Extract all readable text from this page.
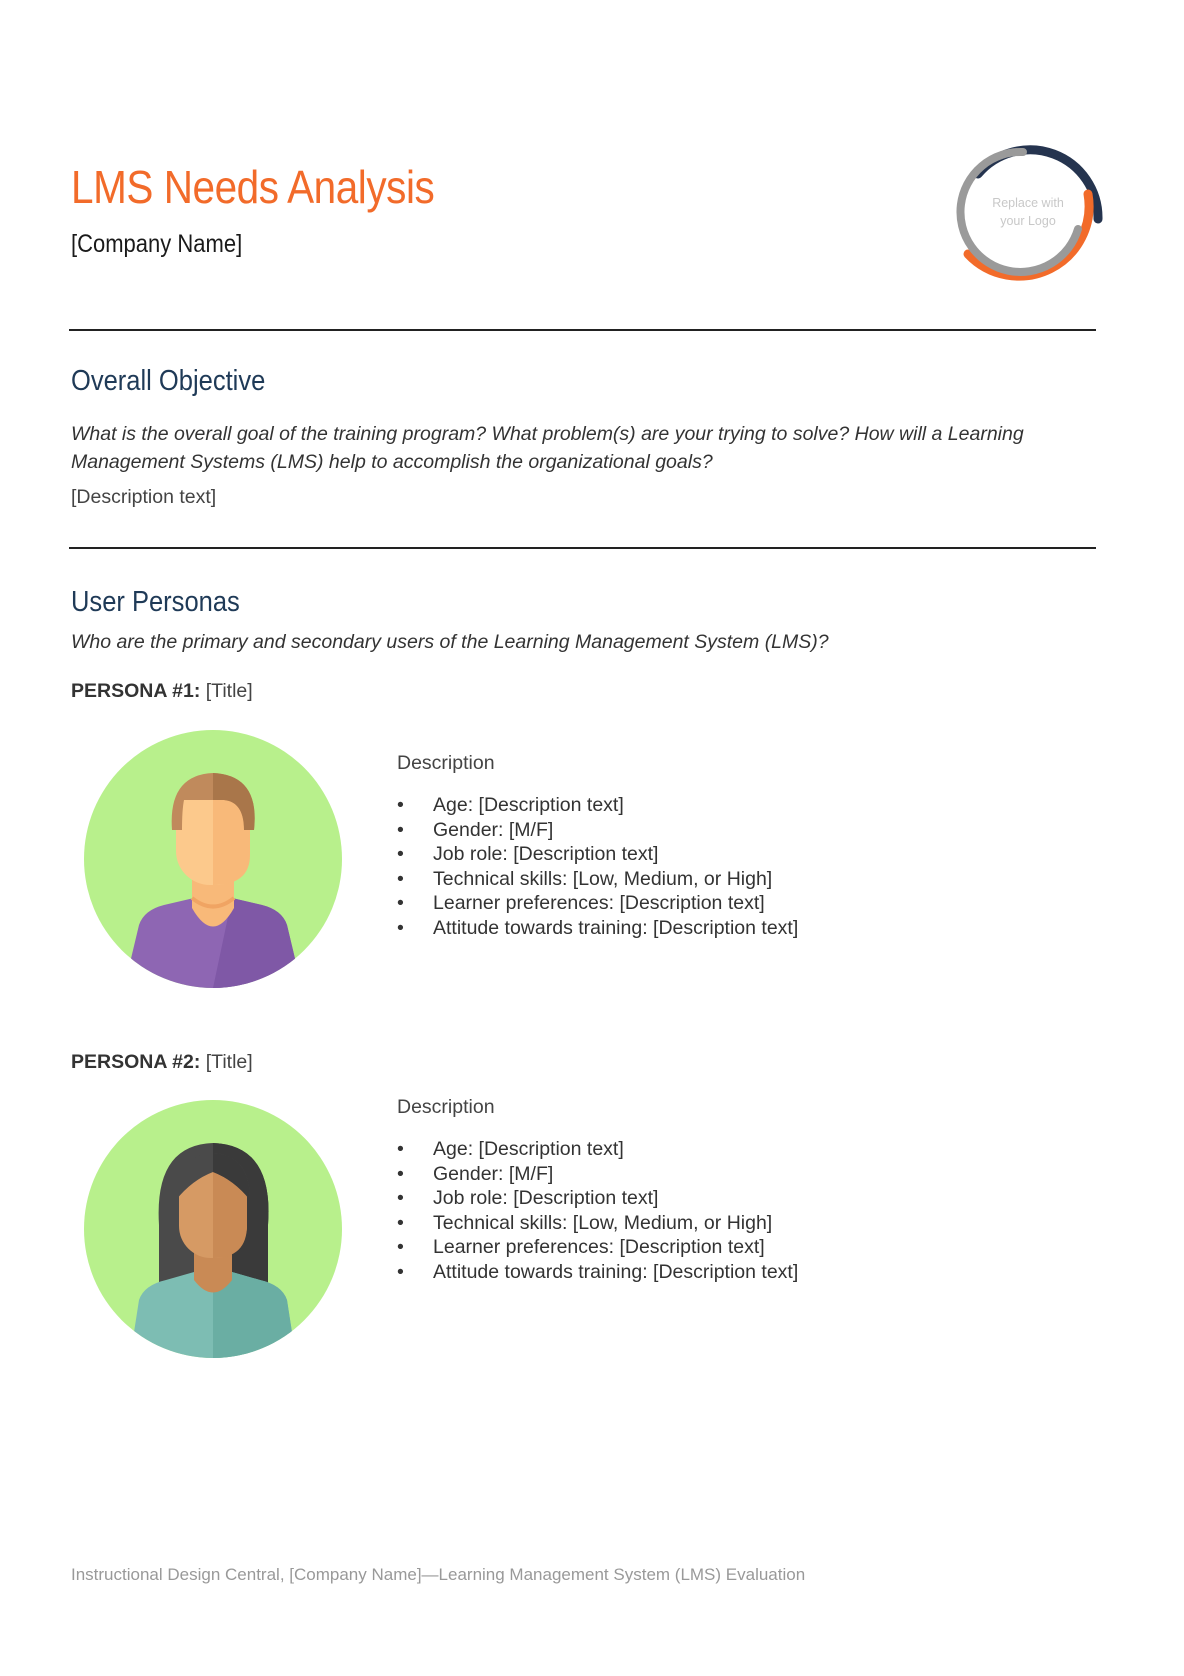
LMS Needs Analysis
[Company Name]
Replace with
your Logo
Overall Objective

What is the overall goal of the training program? What problem(s) are your trying to solve? How will a Learning
Management Systems (LMS) help to accomplish the organizational goals?

[Description text]
User Personas

Who are the primary and secondary users of the Learning Management System (LMS)?

PERSONA #1: [Title]
Description
• Age: [Description text]
• Gender: [M/F]
• Job role: [Description text]
• Technical skills: [Low, Medium, or High]
• Learner preferences: [Description text]
• Attitude towards training: [Description text]
PERSONA #2: [Title]
Description
• Age: [Description text]
• Gender: [M/F]
• Job role: [Description text]
• Technical skills: [Low, Medium, or High]
• Learner preferences: [Description text]
• Attitude towards training: [Description text]
Instructional Design Central, [Company Name]—Learning Management System (LMS) Evaluation
